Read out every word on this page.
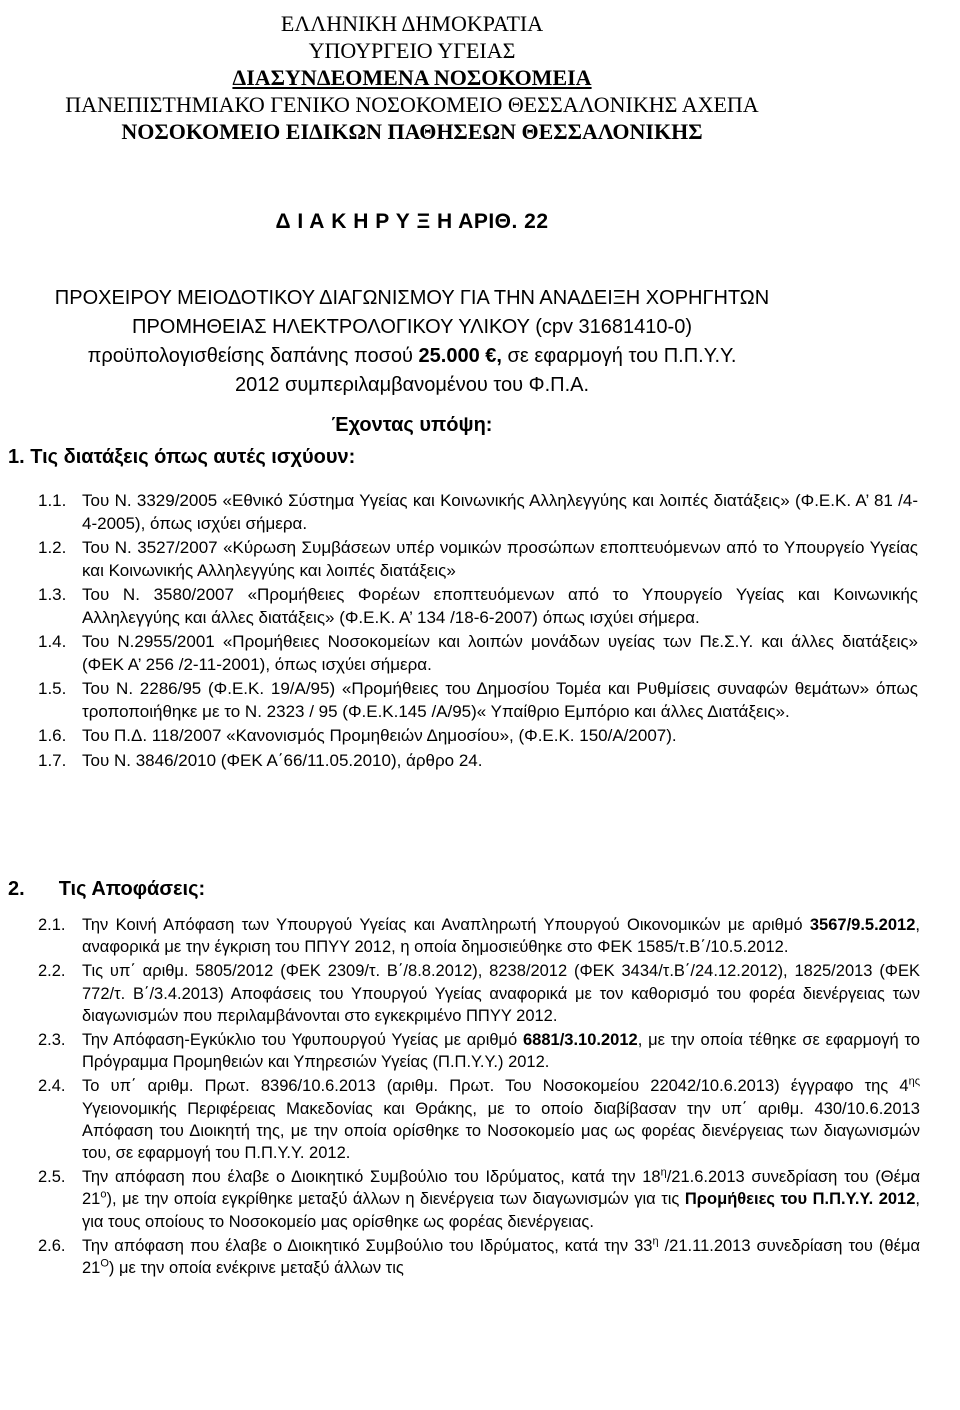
ΕΛΛΗΝΙΚΗ ΔΗΜΟΚΡΑΤΙΑ
ΥΠΟΥΡΓΕΙΟ ΥΓΕΙΑΣ
ΔΙΑΣΥΝΔΕΟΜΕΝΑ ΝΟΣΟΚΟΜΕΙΑ
ΠΑΝΕΠΙΣΤΗΜΙΑΚΟ ΓΕΝΙΚΟ ΝΟΣΟΚΟΜΕΙΟ ΘΕΣΣΑΛΟΝΙΚΗΣ ΑΧΕΠΑ
ΝΟΣΟΚΟΜΕΙΟ ΕΙΔΙΚΩΝ ΠΑΘΗΣΕΩΝ ΘΕΣΣΑΛΟΝΙΚΗΣ
Δ Ι Α Κ Η Ρ Υ Ξ Η ΑΡΙΘ. 22
ΠΡΟΧΕΙΡΟΥ ΜΕΙΟΔΟΤΙΚΟΥ ΔΙΑΓΩΝΙΣΜΟΥ ΓΙΑ ΤΗΝ ΑΝΑΔΕΙΞΗ ΧΟΡΗΓΗΤΩΝ
ΠΡΟΜΗΘΕΙΑΣ ΗΛΕΚΤΡΟΛΟΓΙΚΟΥ ΥΛΙΚΟΥ (cpv 31681410-0)
προϋπολογισθείσης δαπάνης ποσού 25.000 €, σε εφαρμογή του Π.Π.Υ.Υ.
2012 συμπεριλαμβανομένου του Φ.Π.Α.
Έχοντας υπόψη:
1. Τις διατάξεις όπως αυτές ισχύουν:
1.1. Του Ν. 3329/2005 «Εθνικό Σύστημα Υγείας και Κοινωνικής Αλληλεγγύης και λοιπές διατάξεις» (Φ.Ε.Κ. Α’ 81 /4-4-2005), όπως ισχύει σήμερα.
1.2. Του Ν. 3527/2007 «Κύρωση Συμβάσεων υπέρ νομικών προσώπων εποπτευόμενων από το Υπουργείο Υγείας και Κοινωνικής Αλληλεγγύης και λοιπές διατάξεις»
1.3. Του Ν. 3580/2007 «Προμήθειες Φορέων εποπτευόμενων από το Υπουργείο Υγείας και Κοινωνικής Αλληλεγγύης και άλλες διατάξεις» (Φ.Ε.Κ. Α’ 134 /18-6-2007) όπως ισχύει σήμερα.
1.4. Του Ν.2955/2001 «Προμήθειες Νοσοκομείων και λοιπών μονάδων υγείας των Πε.Σ.Υ. και άλλες διατάξεις» (ΦΕΚ Α’ 256 /2-11-2001), όπως ισχύει σήμερα.
1.5. Του Ν. 2286/95 (Φ.Ε.Κ. 19/Α/95) «Προμήθειες του Δημοσίου Τομέα και Ρυθμίσεις συναφών θεμάτων» όπως τροποποιήθηκε με το Ν. 2323 / 95 (Φ.Ε.Κ.145 /Α/95)« Υπαίθριο Εμπόριο και άλλες Διατάξεις».
1.6. Του Π.Δ. 118/2007 «Κανονισμός Προμηθειών Δημοσίου», (Φ.Ε.Κ. 150/Α/2007).
1.7. Του Ν. 3846/2010 (ΦΕΚ Α΄66/11.05.2010), άρθρο 24.
2. Τις Αποφάσεις:
2.1. Την Κοινή Απόφαση των Υπουργού Υγείας και Αναπληρωτή Υπουργού Οικονομικών με αριθμό 3567/9.5.2012, αναφορικά με την έγκριση του ΠΠΥΥ 2012, η οποία δημοσιεύθηκε στο ΦΕΚ 1585/τ.Β΄/10.5.2012.
2.2. Τις υπ΄ αριθμ. 5805/2012 (ΦΕΚ 2309/τ. Β΄/8.8.2012), 8238/2012 (ΦΕΚ 3434/τ.Β΄/24.12.2012), 1825/2013 (ΦΕΚ 772/τ. Β΄/3.4.2013) Αποφάσεις του Υπουργού Υγείας αναφορικά με τον καθορισμό του φορέα διενέργειας των διαγωνισμών που περιλαμβάνονται στο εγκεκριμένο ΠΠΥΥ 2012.
2.3. Την Απόφαση-Εγκύκλιο του Υφυπουργού Υγείας με αριθμό 6881/3.10.2012, με την οποία τέθηκε σε εφαρμογή το Πρόγραμμα Προμηθειών και Υπηρεσιών Υγείας (Π.Π.Υ.Υ.) 2012.
2.4. Το υπ΄ αριθμ. Πρωτ. 8396/10.6.2013 (αριθμ. Πρωτ. Του Νοσοκομείου 22042/10.6.2013) έγγραφο της $4^{\eta\varsigma}$ Υγειονομικής Περιφέρειας Μακεδονίας και Θράκης, με το οποίο διαβίβασαν την υπ΄ αριθμ. 430/10.6.2013 Απόφαση του Διοικητή της, με την οποία ορίσθηκε το Νοσοκομείο μας ως φορέας διενέργειας των διαγωνισμών του, σε εφαρμογή του Π.Π.Υ.Υ. 2012.
2.5. Την απόφαση που έλαβε ο Διοικητικό Συμβούλιο του Ιδρύματος, κατά την $18^\eta/21.6.2013$ συνεδρίαση του (Θέμα $21^o$), με την οποία εγκρίθηκε μεταξύ άλλων η διενέργεια των διαγωνισμών για τις Προμήθειες του Π.Π.Υ.Υ. 2012, για τους οποίους το Νοσοκομείο μας ορίσθηκε ως φορέας διενέργειας.
2.6. Την απόφαση που έλαβε ο Διοικητικό Συμβούλιο του Ιδρύματος, κατά την $33^\eta$ /21.11.2013 συνεδρίαση του (θέμα $21^O$) με την οποία ενέκρινε μεταξύ άλλων τις
